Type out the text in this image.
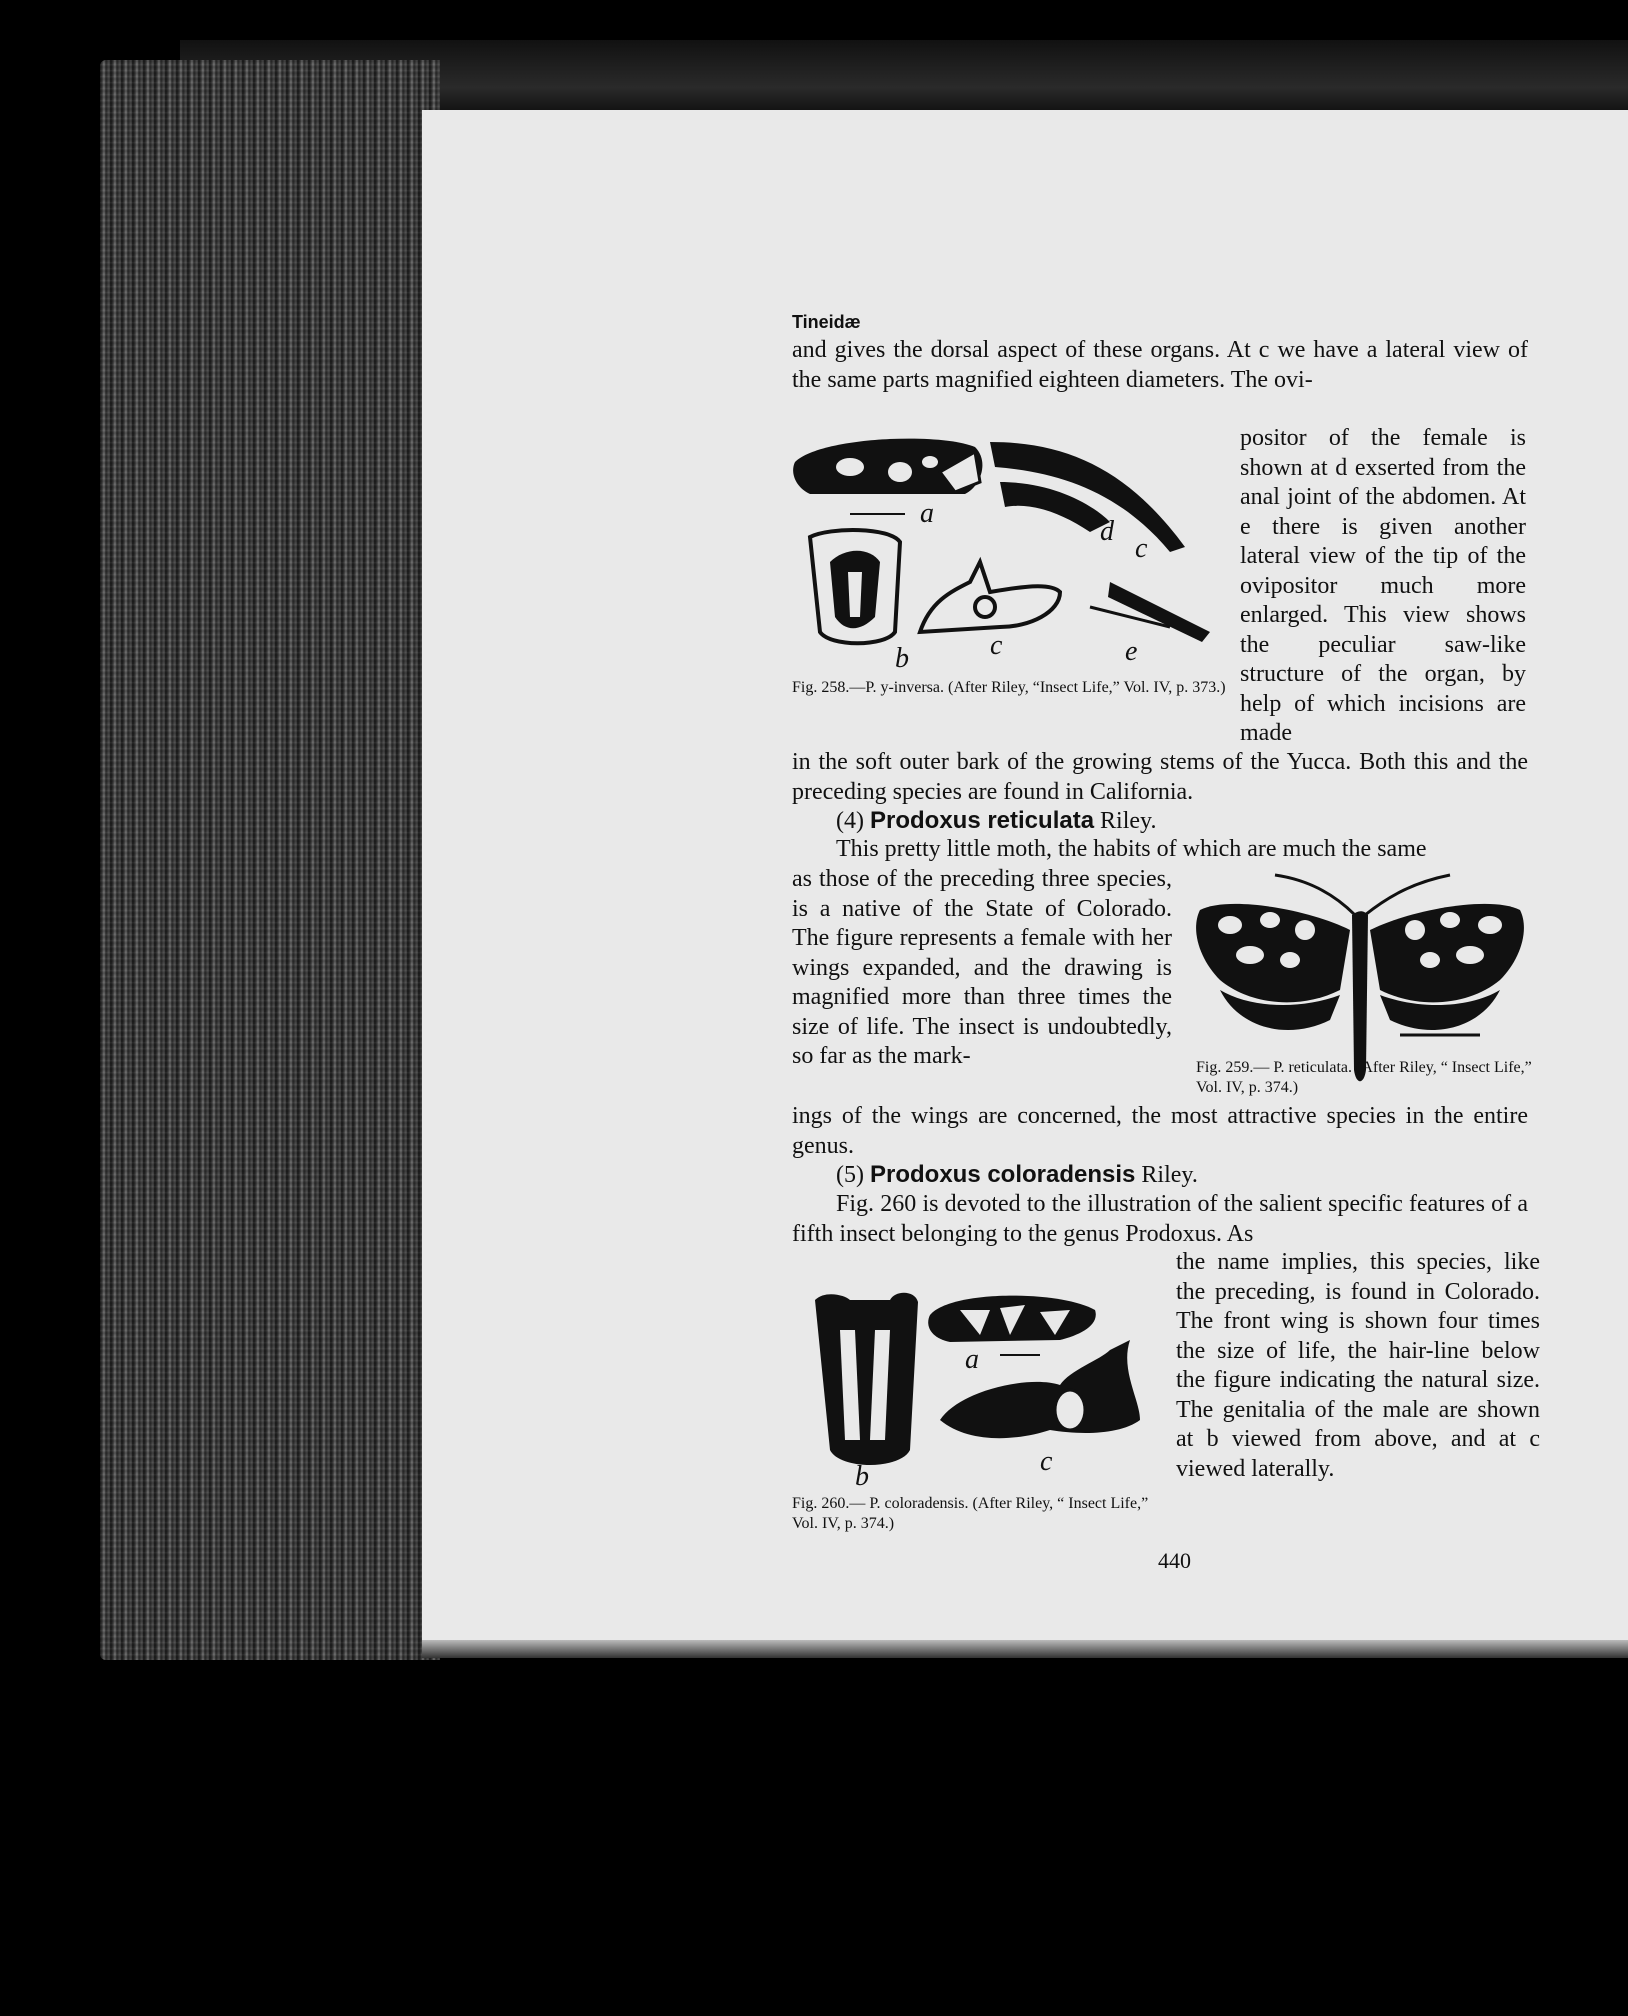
Tineidæ
and gives the dorsal aspect of these organs. At c we have a lateral view of the same parts magnified eighteen diameters. The ovi-
a
b	c
d
c
e
positor of the female is shown at d exserted from the anal joint of the abdomen. At e there is given another lateral view of the tip of the ovipositor much more enlarged. This view shows the peculiar saw-like structure of the organ, by help of which incisions are made
Fig. 258.—P. y-inversa. (After Riley, “Insect Life,” Vol. IV, p. 373.)
in the soft outer bark of the growing stems of the Yucca. Both this and the preceding species are found in California.
(4) Prodoxus reticulata Riley.
This pretty little moth, the habits of which are much the same
as those of the preceding three species, is a native of the State of Colorado. The figure represents a female with her wings expanded, and the drawing is magnified more than three times the size of life. The insect is undoubtedly, so far as the mark-	Fig. 259.— P. reticulata. (After Riley, “ Insect Life,” Vol. IV, p. 374.)
ings of the wings are concerned, the most attractive species in the entire genus.
(5) Prodoxus coloradensis Riley.
Fig. 260 is devoted to the illustration of the salient specific features of a fifth insect belonging to the genus Prodoxus. As
the name implies, this species, like the preceding, is found in Colorado. The front wing is shown four times the size of life, the hair-line below the figure indicating the natural size. The genitalia of the male are shown at b viewed from above, and at c viewed laterally.
b
a
c
Fig. 260.— P. coloradensis. (After Riley, “ Insect Life,” Vol. IV, p. 374.)
440
